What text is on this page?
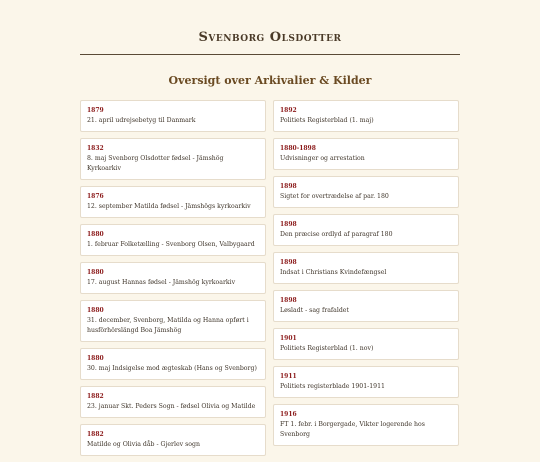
Svenborg Olsdotter
Oversigt over Arkivalier & Kilder
1879
21. april udrejsebetyg til Danmark
1832
8. maj Svenborg Olsdotter fødsel - Jämshög Kyrkoarkiv
1876
12. september Matilda fødsel - Jämshögs kyrkoarkiv
1880
1. februar Folketælling - Svenborg Olsen, Valbygaard
1880
17. august Hannas fødsel - Jämshög kyrkoarkiv
1880
31. december, Svenborg, Matilda og Hanna opført i husförhörslängd Boa Jämshög
1880
30. maj Indsigelse mod ægteskab (Hans og Svenborg)
1882
23. januar Skt. Peders Sogn - fødsel Olivia og Matilde
1882
Matilde og Olivia dåb - Gjerlev sogn
1892
Politiets Registerblad (1. maj)
1880-1898
Udvisninger og arrestation
1898
Sigtet for overtrædelse af par. 180
1898
Den præcise ordlyd af paragraf 180
1898
Indsat i Christians Kvindefængsel
1898
Løsladt - sag frafaldet
1901
Politiets Registerblad (1. nov)
1911
Politiets registerblade 1901-1911
1916
FT 1. febr. i Borgergade, Vikter logerende hos Svenborg
